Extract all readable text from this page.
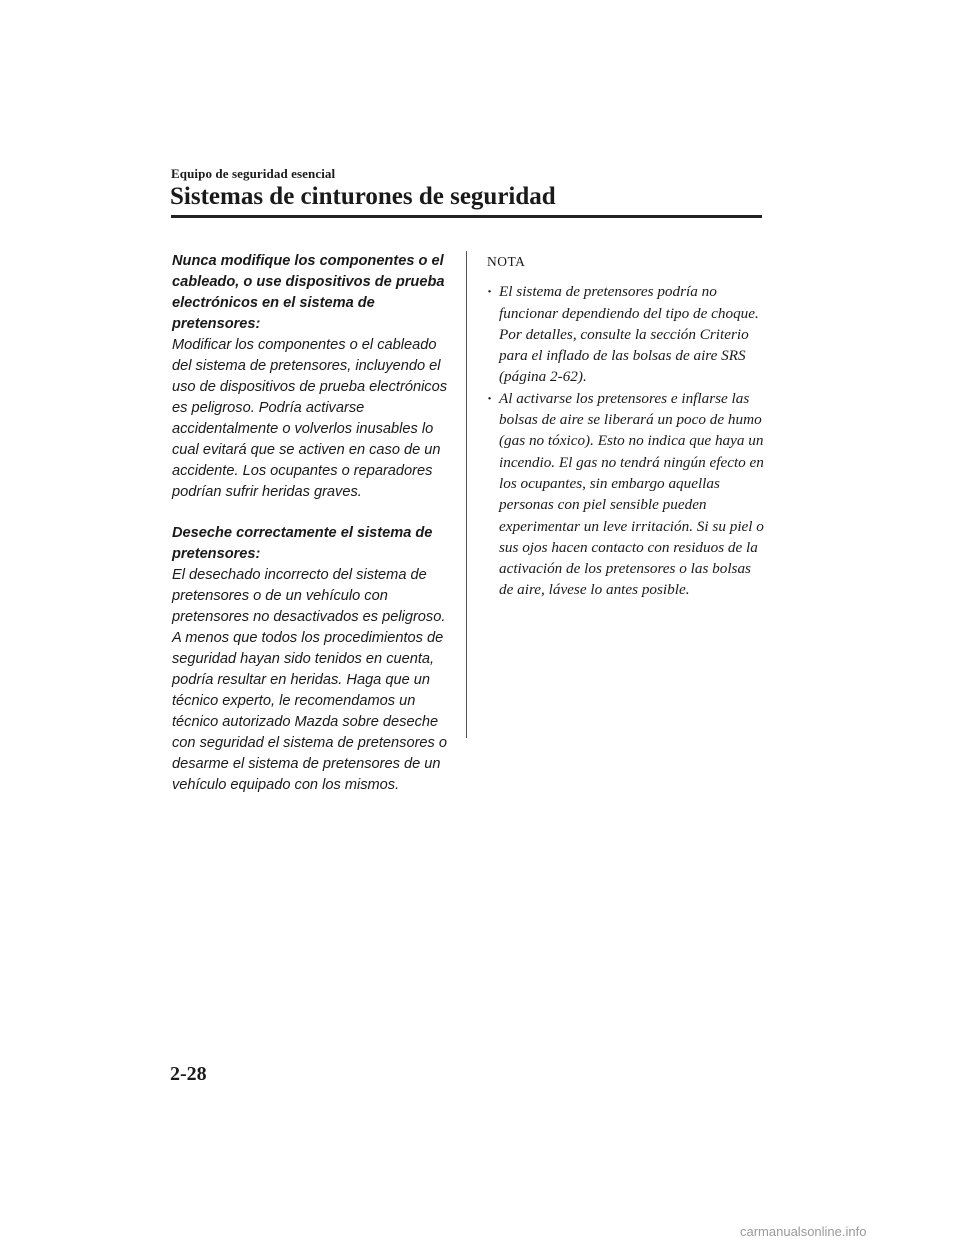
Equipo de seguridad esencial
Sistemas de cinturones de seguridad
Nunca modifique los componentes o el cableado, o use dispositivos de prueba electrónicos en el sistema de pretensores:
Modificar los componentes o el cableado del sistema de pretensores, incluyendo el uso de dispositivos de prueba electrónicos es peligroso. Podría activarse accidentalmente o volverlos inusables lo cual evitará que se activen en caso de un accidente. Los ocupantes o reparadores podrían sufrir heridas graves.
Deseche correctamente el sistema de pretensores:
El desechado incorrecto del sistema de pretensores o de un vehículo con pretensores no desactivados es peligroso. A menos que todos los procedimientos de seguridad hayan sido tenidos en cuenta, podría resultar en heridas. Haga que un técnico experto, le recomendamos un técnico autorizado Mazda sobre deseche con seguridad el sistema de pretensores o desarme el sistema de pretensores de un vehículo equipado con los mismos.
NOTA
· El sistema de pretensores podría no funcionar dependiendo del tipo de choque. Por detalles, consulte la sección Criterio para el inflado de las bolsas de aire SRS (página 2-62).
· Al activarse los pretensores e inflarse las bolsas de aire se liberará un poco de humo (gas no tóxico). Esto no indica que haya un incendio. El gas no tendrá ningún efecto en los ocupantes, sin embargo aquellas personas con piel sensible pueden experimentar un leve irritación. Si su piel o sus ojos hacen contacto con residuos de la activación de los pretensores o las bolsas de aire, lávese lo antes posible.
2-28
carmanualsonline.info
